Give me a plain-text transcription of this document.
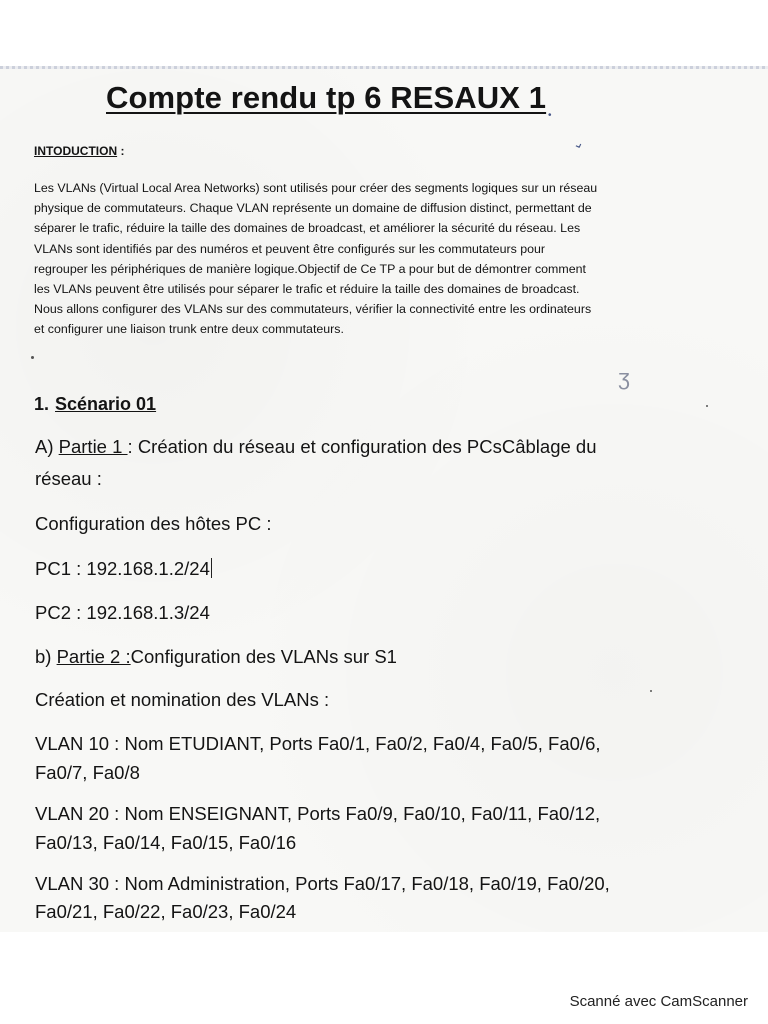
⌄
•
ʒ
Compte rendu tp 6 RESAUX 1
INTODUCTION :
Les VLANs (Virtual Local Area Networks) sont utilisés pour créer des segments logiques sur un réseau
physique de commutateurs. Chaque VLAN représente un domaine de diffusion distinct, permettant de
séparer le trafic, réduire la taille des domaines de broadcast, et améliorer la sécurité du réseau. Les
VLANs sont identifiés par des numéros et peuvent être configurés sur les commutateurs pour
regrouper les périphériques de manière logique.Objectif de Ce TP a pour but de démontrer comment
les VLANs peuvent être utilisés pour séparer le trafic et réduire la taille des domaines de broadcast.
Nous allons configurer des VLANs sur des commutateurs, vérifier la connectivité entre les ordinateurs
et configurer une liaison trunk entre deux commutateurs.
1. Scénario 01
A) Partie 1 : Création du réseau et configuration des PCsCâblage du
réseau :
Configuration des hôtes PC :
PC1 : 192.168.1.2/24
PC2 : 192.168.1.3/24
b) Partie 2 :Configuration des VLANs sur S1
Création et nomination des VLANs :
VLAN 10 : Nom ETUDIANT, Ports Fa0/1, Fa0/2, Fa0/4, Fa0/5, Fa0/6,
Fa0/7, Fa0/8
VLAN 20 : Nom ENSEIGNANT, Ports Fa0/9, Fa0/10, Fa0/11, Fa0/12,
Fa0/13, Fa0/14, Fa0/15, Fa0/16
VLAN 30 : Nom Administration, Ports Fa0/17, Fa0/18, Fa0/19, Fa0/20,
Fa0/21, Fa0/22, Fa0/23, Fa0/24
Scanné avec CamScanner
